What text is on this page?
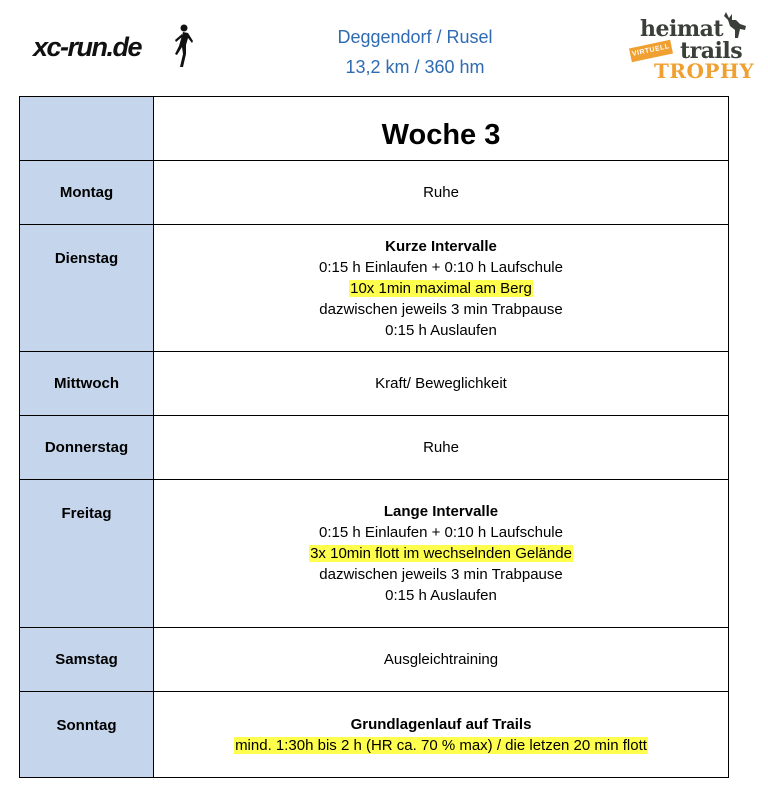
xc-run.de	Deggendorf / Rusel
13,2 km / 360 hm
heimat
trails
TROPHY
VIRTUELL
	Woche 3
Montag	Ruhe

Dienstag	Kurze Intervalle
0:15 h Einlaufen + 0:10 h Laufschule
10x 1min maximal am Berg
dazwischen jeweils 3 min Trabpause
0:15 h Auslaufen

Mittwoch	Kraft/ Beweglichkeit

Donnerstag	Ruhe

Freitag	Lange Intervalle
0:15 h Einlaufen + 0:10 h Laufschule
3x 10min flott im wechselnden Gelände
dazwischen jeweils 3 min Trabpause
0:15 h Auslaufen

Samstag	Ausgleichtraining

Sonntag	Grundlagenlauf auf Trails
mind. 1:30h bis 2 h (HR ca. 70 % max) / die letzen 20 min flott
